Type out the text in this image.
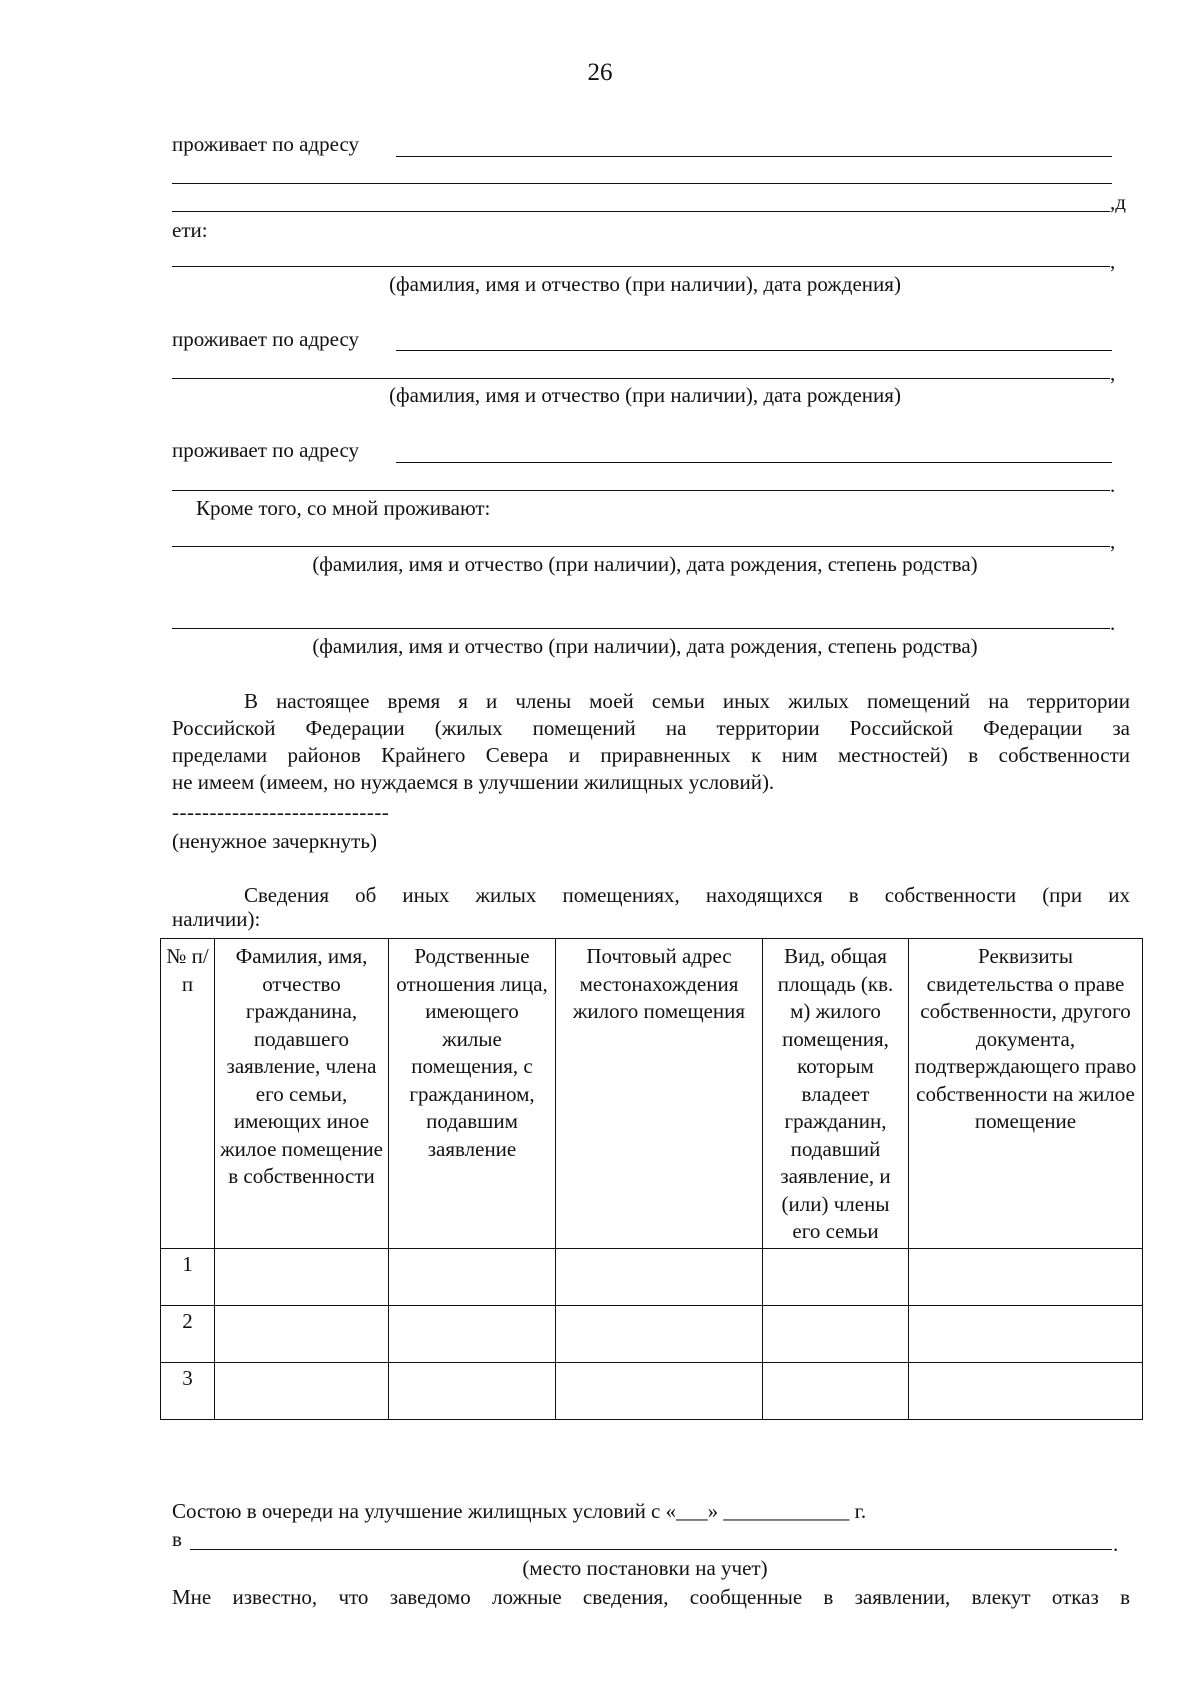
26
проживает по адресу
,д
ети:
,
(фамилия, имя и отчество (при наличии), дата рождения)
проживает по адресу
,
(фамилия, имя и отчество (при наличии), дата рождения)
проживает по адресу
.
Кроме того, со мной проживают:
,
(фамилия, имя и отчество (при наличии), дата рождения, степень родства)
.
(фамилия, имя и отчество (при наличии), дата рождения, степень родства)

В настоящее время я и члены моей семьи иных жилых помещений на территории

Российской Федерации (жилых помещений на территории Российской Федерации за

пределами районов Крайнего Севера и приравненных к ним местностей) в собственности

не имеем (имеем, но нуждаемся в улучшении жилищных условий).

-----------------------------
(ненужное зачеркнуть)

Сведения об иных жилых помещениях, находящихся в собственности (при их

наличии):

№ п/п	Фамилия, имя, отчество гражданина, подавшего заявление, члена его семьи, имеющих иное жилое помещение в собственности	Родственные отношения лица, имеющего жилые помещения, с гражданином, подавшим заявление	Почтовый адрес местонахождения жилого помещения	Вид, общая площадь (кв. м) жилого помещения, которым владеет гражданин, подавший заявление, и (или) члены его семьи	Реквизиты свидетельства о праве собственности, другого документа, подтверждающего право собственности на жилое помещение
1					
2					
3					
Состою в очереди на улучшение жилищных условий с «___» ____________ г.
в	.
(место постановки на учет)
Мне известно, что заведомо ложные сведения, сообщенные в заявлении, влекут отказ в
